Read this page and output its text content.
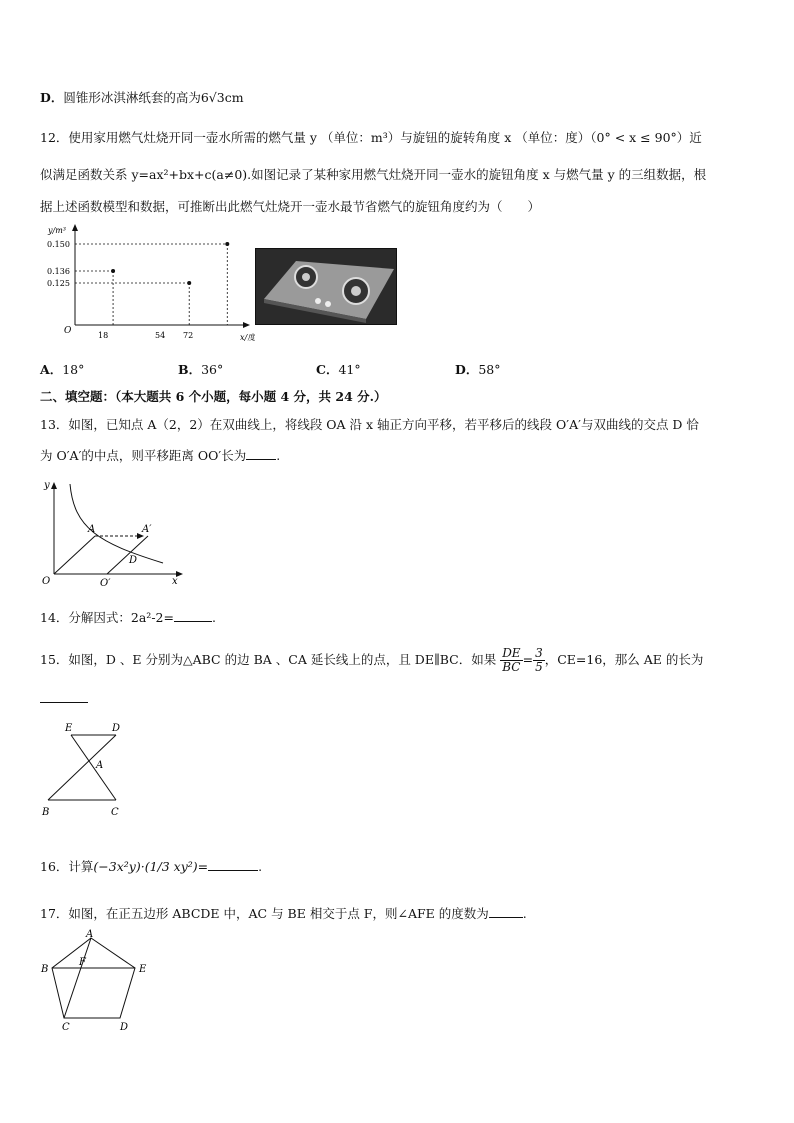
D．圆锥形冰淇淋纸套的高为6√3cm
12．使用家用燃气灶烧开同一壶水所需的燃气量 y （单位：m³）与旋钮的旋转角度 x （单位：度）（0° < x ≤ 90°）近
似满足函数关系 y=ax²+bx+c(a≠0).如图记录了某种家用燃气灶烧开同一壶水的旋钮角度 x 与燃气量 y 的三组数据，根
据上述函数模型和数据，可推断出此燃气灶烧开一壶水最节省燃气的旋钮角度约为（　　）
y/m³
x/度
O
0.150
0.136
0.125
18	54 72
A．18°	B．36°	C．41°	D．58°
二、填空题：（本大题共 6 个小题，每小题 4 分，共 24 分.）
13．如图，已知点 A（2，2）在双曲线上，将线段 OA 沿 x 轴正方向平移，若平移后的线段 O′A′与双曲线的交点 D 恰
为 O′A′的中点，则平移距离 OO′长为 .
y
x
O
A	A′
D
O′
14．分解因式：2a²-2=	.
15．如图，D 、E 分别为△ABC 的边 BA 、CA 延长线上的点，且 DE∥BC．如果 $\frac{DE}{BC} = \frac{3}{5}$ ，CE=16，那么 AE 的长为
E	D
A
B	C
16．计算(−3x²y)·(1/3 xy²)=	.
17．如图，在正五边形 ABCDE 中，AC 与 BE 相交于点 F，则∠AFE 的度数为	.
A
B	E
F
C	D
